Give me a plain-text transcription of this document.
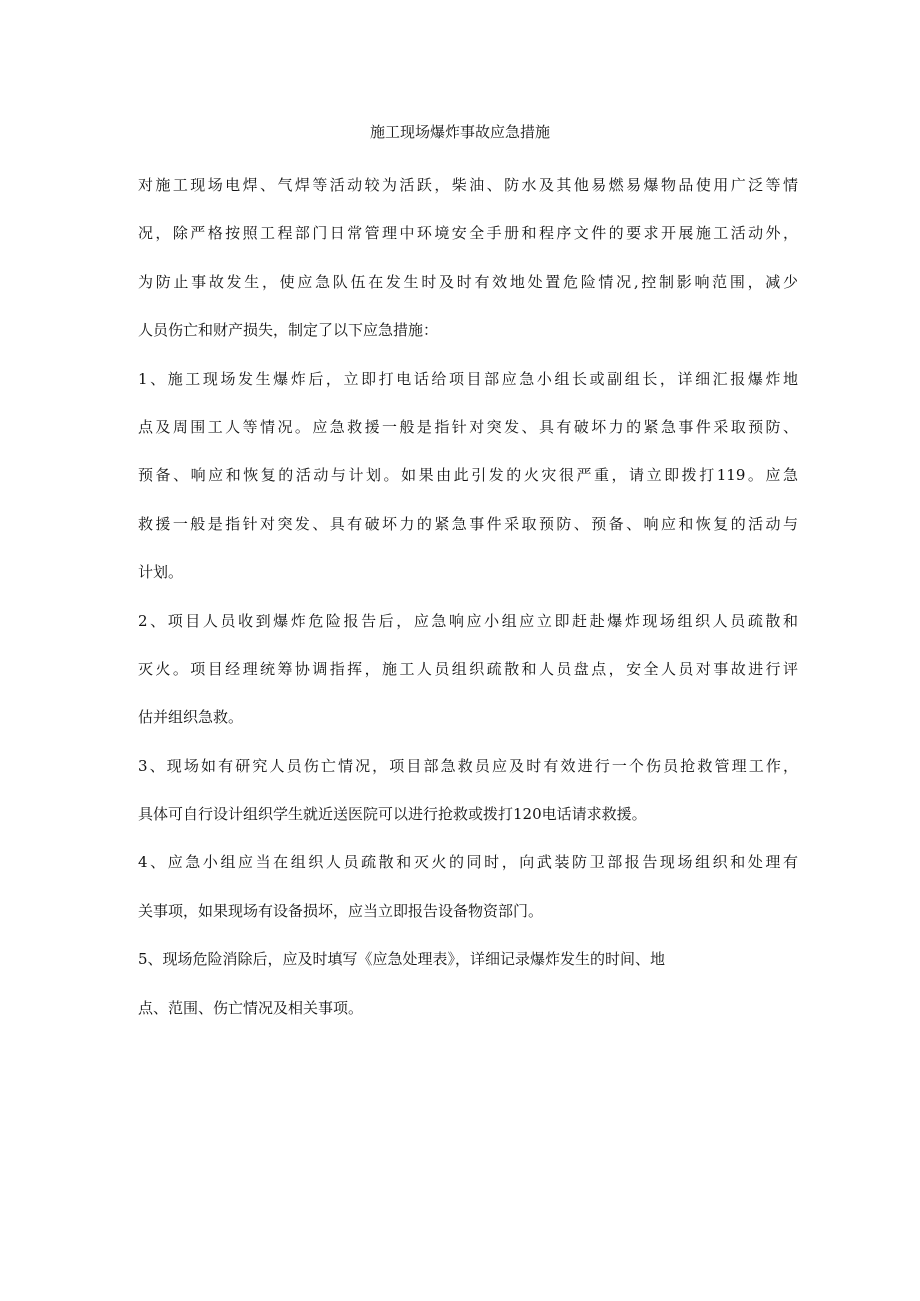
施工现场爆炸事故应急措施
对施工现场电焊、气焊等活动较为活跃，柴油、防水及其他易燃易爆物品使用广泛等情
况，除严格按照工程部门日常管理中环境安全手册和程序文件的要求开展施工活动外，
为防止事故发生，使应急队伍在发生时及时有效地处置危险情况,控制影响范围，减少
人员伤亡和财产损失，制定了以下应急措施：
1、施工现场发生爆炸后，立即打电话给项目部应急小组长或副组长，详细汇报爆炸地
点及周围工人等情况。应急救援一般是指针对突发、具有破坏力的紧急事件采取预防、
预备、响应和恢复的活动与计划。如果由此引发的火灾很严重，请立即拨打119。应急
救援一般是指针对突发、具有破坏力的紧急事件采取预防、预备、响应和恢复的活动与
计划。
2、项目人员收到爆炸危险报告后，应急响应小组应立即赶赴爆炸现场组织人员疏散和
灭火。项目经理统筹协调指挥，施工人员组织疏散和人员盘点，安全人员对事故进行评
估并组织急救。
3、现场如有研究人员伤亡情况，项目部急救员应及时有效进行一个伤员抢救管理工作，
具体可自行设计组织学生就近送医院可以进行抢救或拨打120电话请求救援。
4、应急小组应当在组织人员疏散和灭火的同时，向武装防卫部报告现场组织和处理有
关事项，如果现场有设备损坏，应当立即报告设备物资部门。
5、现场危险消除后，应及时填写《应急处理表》，详细记录爆炸发生的时间、地
点、范围、伤亡情况及相关事项。
